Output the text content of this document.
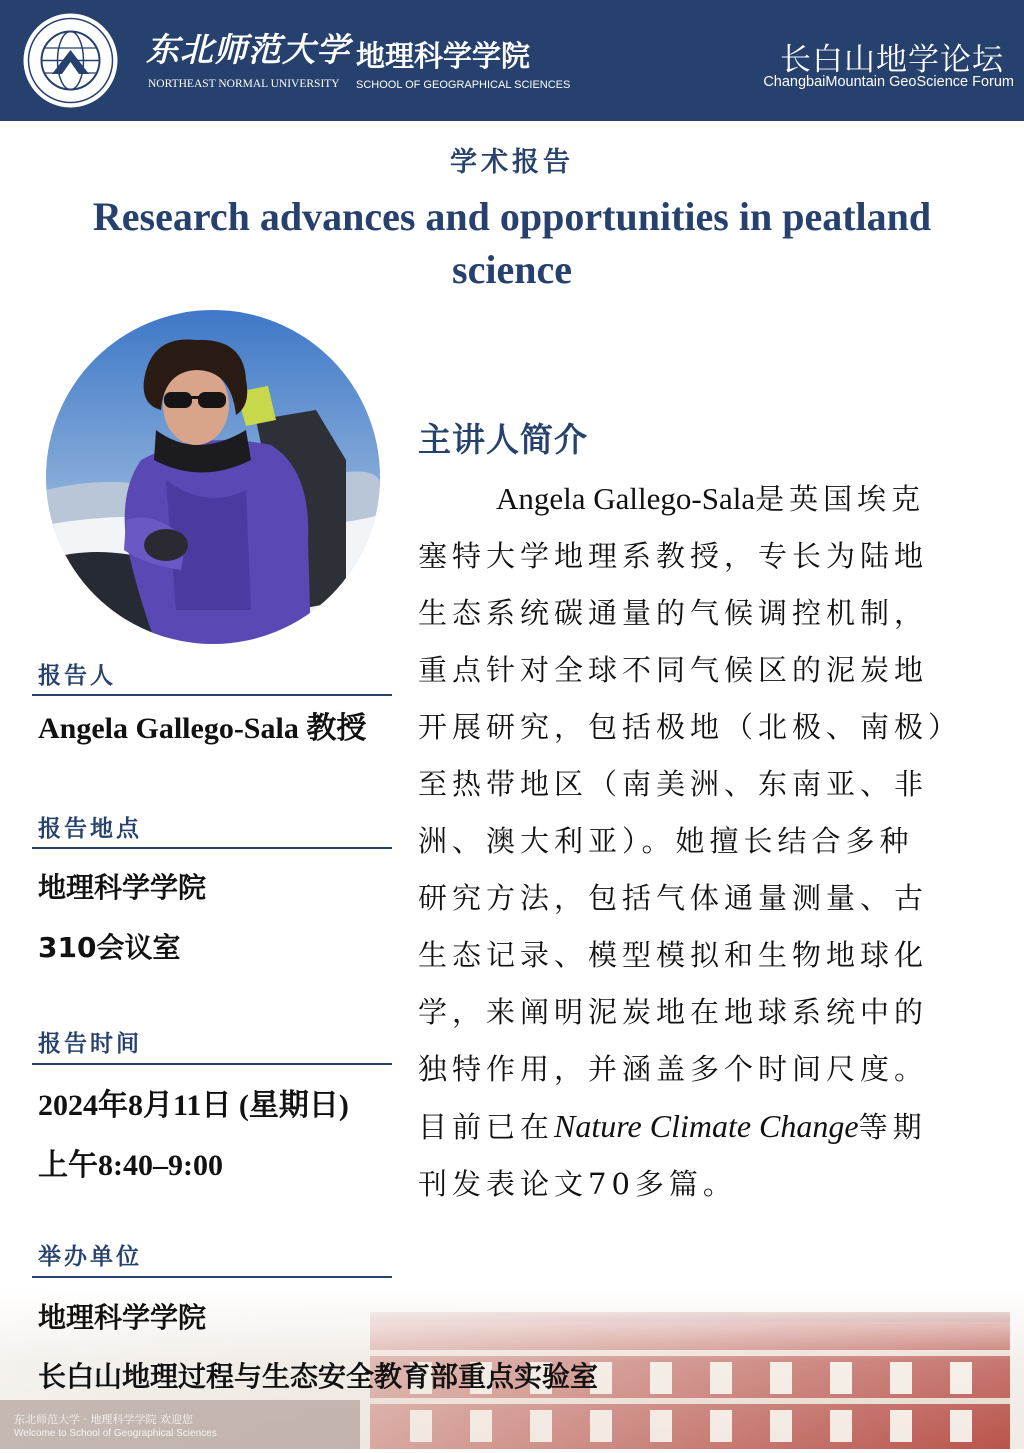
东北师范大学 地理科学学院
NORTHEAST NORMAL UNIVERSITY SCHOOL OF GEOGRAPHICAL SCIENCES
长白山地学论坛
ChangbaiMountain GeoScience Forum
学术报告
Research advances and opportunities in peatland science
报告人
Angela Gallego-Sala 教授
报告地点
地理科学学院
310会议室
报告时间
2024年8月11日 (星期日)
上午8:40–9:00
举办单位
地理科学学院
长白山地理过程与生态安全教育部重点实验室
东北师范大学 · 地理科学学院 欢迎您
Welcome to School of Geographical Sciences
主讲人简介
Angela Gallego-Sala是英国埃克
塞特大学地理系教授，专长为陆地
生态系统碳通量的气候调控机制，
重点针对全球不同气候区的泥炭地
开展研究，包括极地（北极、南极）
至热带地区（南美洲、东南亚、非
洲、澳大利亚）。她擅长结合多种
研究方法，包括气体通量测量、古
生态记录、模型模拟和生物地球化
学，来阐明泥炭地在地球系统中的
独特作用，并涵盖多个时间尺度。
目前已在Nature Climate Change等期
刊发表论文70多篇。
